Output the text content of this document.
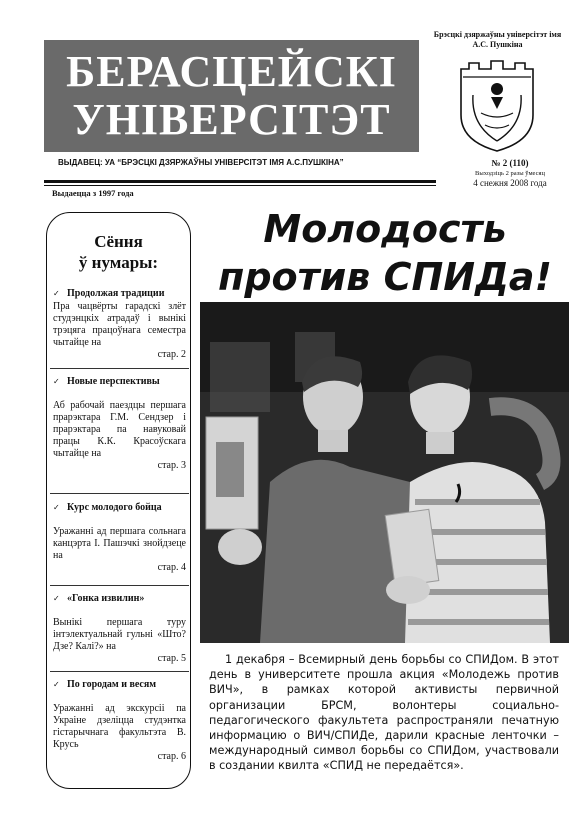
БЕРАСЦЕЙСКІ
УНІВЕРСІТЭТ
Брэсцкі дзяржаўны універсітэт імя А.С. Пушкіна
ВЫДАВЕЦ: УА “БРЭСЦКІ ДЗЯРЖАЎНЫ УНІВЕРСІТЭТ ІМЯ А.С.ПУШКІНА”	№ 2 (110)
Выходзіць 2 разы ўмесяц
4 снежня 2008 года
Выдаецца з 1997 года
Сёння
ў нумары:
✓ Продолжая традиции
Пра чацвёрты гарадскі злёт студэнцкіх атрадаў і вынікі трэцяга працоўнага семестра чытайце на
стар. 2
✓ Новые перспективы
Аб рабочай паездцы першага прарэктара Г.М. Сендзер і прарэктара па навуковай працы К.К. Красоўскага чытайце на
стар. 3
✓ Курс молодого бойца
Уражанні ад першага сольнага канцэрта І. Пашэчкі знойдзеце на
стар. 4
✓ «Гонка извилин»
Вынікі першага туру інтэлектуальнай гульні «Што? Дзе? Калі?» на
стар. 5
✓ По городам и весям
Уражанні ад экскурсіі па Украіне дзеліцца студэнтка гістарычнага факультэта В. Крусь
стар. 6
Молодость
против СПИДа!

1 декабря – Всемирный день борьбы со СПИДом. В этот день в университете прошла акция «Молодежь против ВИЧ», в рамках которой активисты первичной организации БРСМ, волонтеры социально-педагогического факультета распространяли печатную информацию о ВИЧ/СПИДе, дарили красные ленточки – международный символ борьбы со СПИДом, участвовали в создании квилта «СПИД не передаётся».
